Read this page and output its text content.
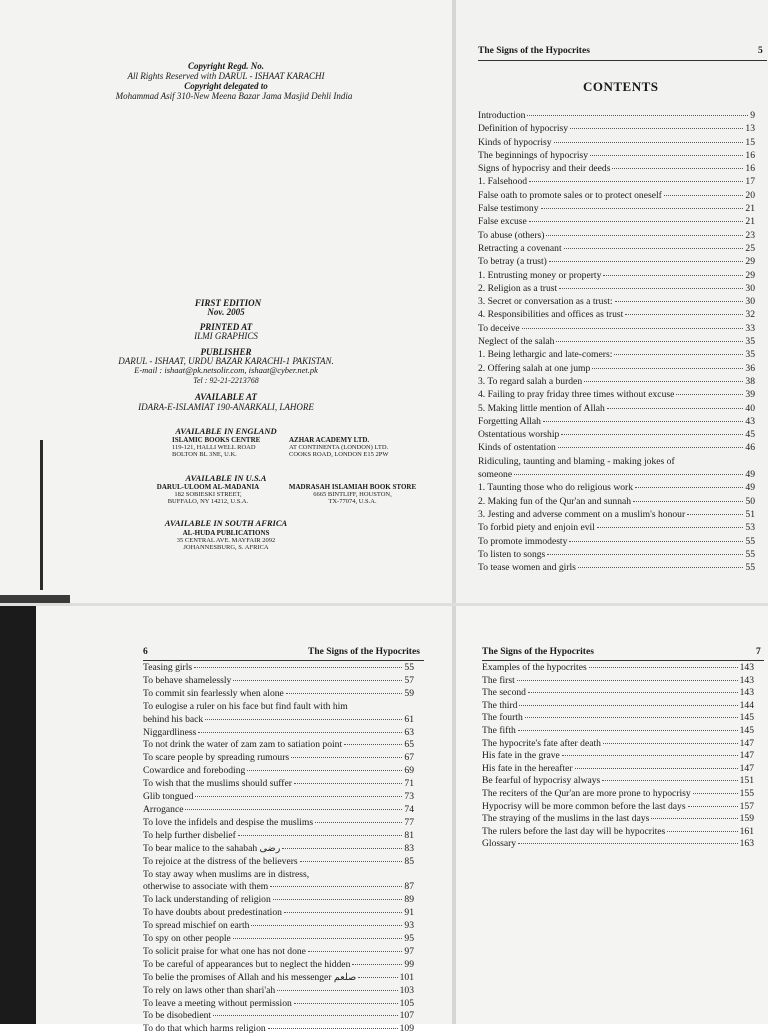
Copyright Regd. No.
All Rights Reserved with DARUL - ISHAAT KARACHI
Copyright delegated to
Mohammad Asif 310-New Meena Bazar Jama Masjid Dehli India
FIRST EDITION
Nov. 2005
PRINTED AT
ILMI GRAPHICS
PUBLISHER
DARUL - ISHAAT, URDU BAZAR KARACHI-1 PAKISTAN.
E-mail : ishaat@pk.netsolir.com, ishaat@cyber.net.pk
Tel : 92-21-2213768
AVAILABLE AT
IDARA-E-ISLAMIAT 190-ANARKALI, LAHORE
AVAILABLE IN ENGLAND
ISLAMIC BOOKS CENTRE
119-121, HALLI WELL ROAD
BOLTON BL 3NE, U.K.
AZHAR ACADEMY LTD.
AT CONTINENTA (LONDON) LTD.
COOKS ROAD, LONDON E15 2PW
AVAILABLE IN U.S.A
DARUL-ULOOM AL-MADANIA
182 SOBIESKI STREET,
BUFFALO, NY 14212, U.S.A.
MADRASAH ISLAMIAH BOOK STORE
6665 BINTLIFF, HOUSTON,
TX-77074, U.S.A.
AVAILABLE IN SOUTH AFRICA
AL-HUDA PUBLICATIONS
35 CENTRAL AVE. MAYFAIR 2092
JOHANNESBURG, S. AFRICA
The Signs of the Hypocrites	5
CONTENTS
Introduction	9
Definition of hypocrisy	13
Kinds of hypocrisy	15
The beginnings of hypocrisy	16
Signs of hypocrisy and their deeds	16
1. Falsehood	17
False oath to promote sales or to protect oneself	20
False testimony	21
False excuse	21
To abuse (others)	23
Retracting a covenant	25
To betray (a trust)	29
1. Entrusting money or property	29
2. Religion as a trust	30
3. Secret or conversation as a trust:	30
4. Responsibilities and offices as trust	32
To deceive	33
Neglect of the salah	35
1. Being lethargic and late-comers:	35
2. Offering salah at one jump	36
3. To regard salah a burden	38
4. Failing to pray friday three times without excuse	39
5. Making little mention of Allah	40
Forgetting Allah	43
Ostentatious worship	45
Kinds of ostentation	46
Ridiculing, taunting and blaming - making jokes of
someone	49
1. Taunting those who do religious work	49
2. Making fun of the Qur'an and sunnah	50
3. Jesting and adverse comment on a muslim's honour	51
To forbid piety and enjoin evil	53
To promote immodesty	55
To listen to songs	55
To tease women and girls	55
6	The Signs of the Hypocrites
Teasing girls	55
To behave shamelessly	57
To commit sin fearlessly when alone	59
To eulogise a ruler on his face but find fault with him
behind his back	61
Niggardliness	63
To not drink the water of zam zam to satiation point	65
To scare people by spreading rumours	67
Cowardice and foreboding	69
To wish that the muslims should suffer	71
Glib tongued	73
Arrogance	74
To love the infidels and despise the muslims	77
To help further disbelief	81
To bear malice to the sahabah رضی	83
To rejoice at the distress of the believers	85
To stay away when muslims are in distress,
otherwise to associate with them	87
To lack understanding of religion	89
To have doubts about predestination	91
To spread mischief on earth	93
To spy on other people	95
To solicit praise for what one has not done	97
To be careful of appearances but to neglect the hidden	99
To belie the promises of Allah and his messenger صلعم	101
To rely on laws other than shari'ah	103
To leave a meeting without permission	105
To be disobedient	107
To do that which harms religion	109
The Signs of the Hypocrites	7
Examples of the hypocrites	143
The first	143
The second	143
The third	144
The fourth	145
The fifth	145
The hypocrite's fate after death	147
His fate in the grave	147
His fate in the hereafter	147
Be fearful of hypocrisy always	151
The reciters of the Qur'an are more prone to hypocrisy	155
Hypocrisy will be more common before the last days	157
The straying of the muslims in the last days	159
The rulers before the last day will be hypocrites	161
Glossary	163
